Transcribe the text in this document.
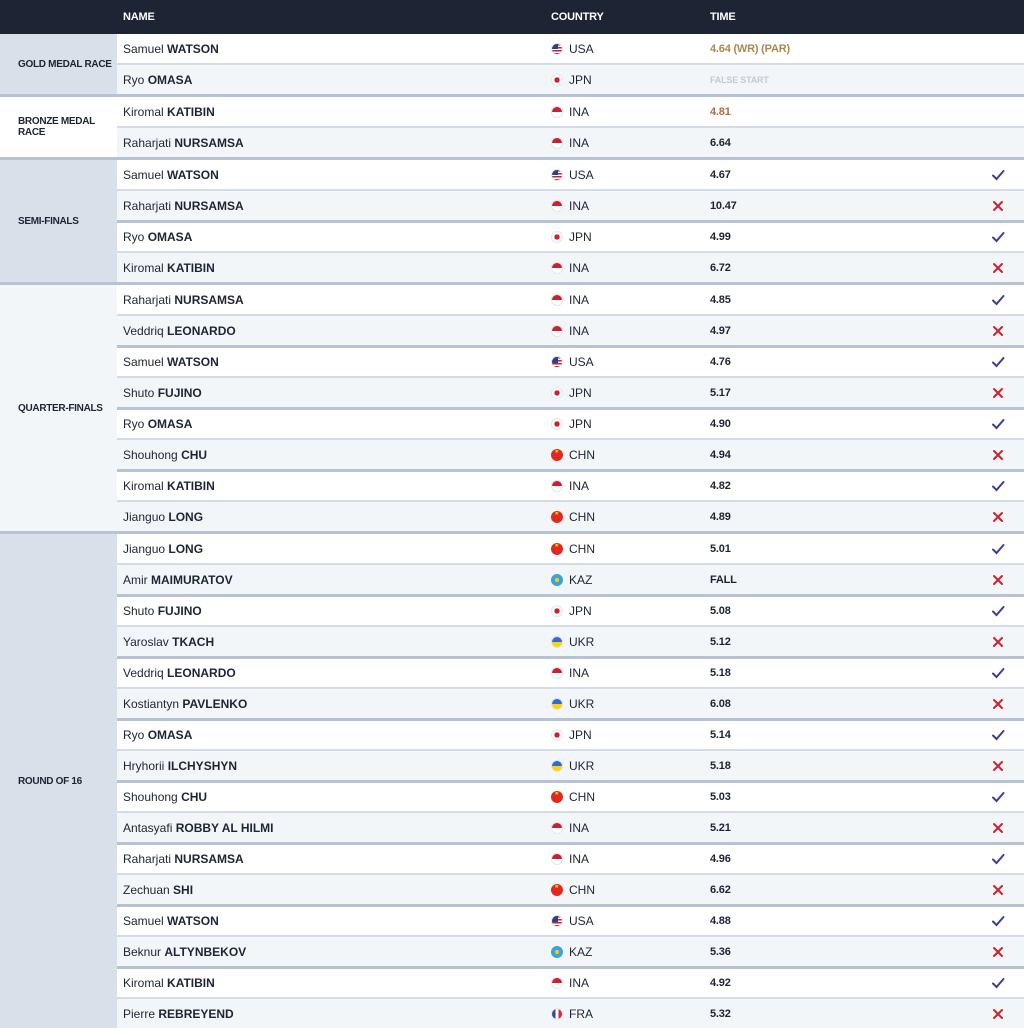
NAME	COUNTRY	TIME
GOLD MEDAL RACE
Samuel WATSON	USA	4.64 (WR) (PAR)
Ryo OMASA	JPN	FALSE START
BRONZE MEDAL RACE
Kiromal KATIBIN	INA	4.81
Raharjati NURSAMSA	INA	6.64
SEMI-FINALS
Samuel WATSON	USA	4.67
Raharjati NURSAMSA	INA	10.47
Ryo OMASA	JPN	4.99
Kiromal KATIBIN	INA	6.72
QUARTER-FINALS
Raharjati NURSAMSA	INA	4.85
Veddriq LEONARDO	INA	4.97
Samuel WATSON	USA	4.76
Shuto FUJINO	JPN	5.17
Ryo OMASA	JPN	4.90
Shouhong CHU ★	CHN	4.94
Kiromal KATIBIN	INA	4.82
Jianguo LONG ★	CHN	4.89
ROUND OF 16
Jianguo LONG ★	CHN	5.01
Amir MAIMURATOV	KAZ	FALL
Shuto FUJINO	JPN	5.08
Yaroslav TKACH	UKR	5.12
Veddriq LEONARDO	INA	5.18
Kostiantyn PAVLENKO	UKR	6.08
Ryo OMASA	JPN	5.14
Hryhorii ILCHYSHYN	UKR	5.18
Shouhong CHU ★	CHN	5.03
Antasyafi ROBBY AL HILMI	INA	5.21
Raharjati NURSAMSA	INA	4.96
Zechuan SHI ★	CHN	6.62
Samuel WATSON	USA	4.88
Beknur ALTYNBEKOV	KAZ	5.36
Kiromal KATIBIN	INA	4.92
Pierre REBREYEND	FRA	5.32
